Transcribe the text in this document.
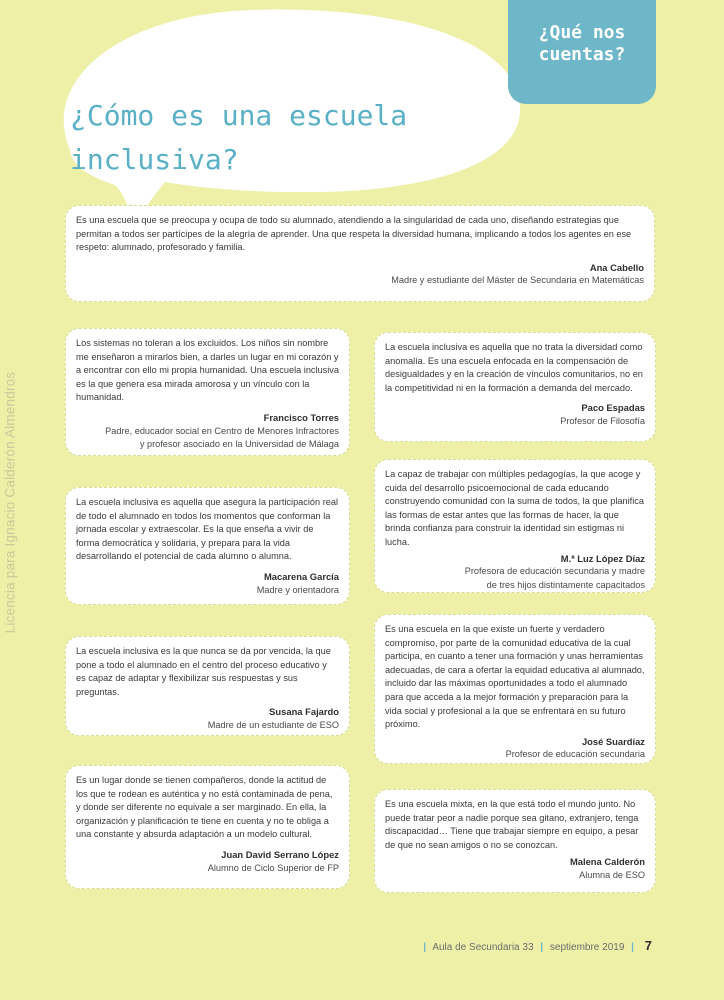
¿Qué nos
cuentas?
¿Cómo es una escuela
inclusiva?
Licencia para Ignacio Calderón Almendros

Es una escuela que se preocupa y ocupa de todo su alumnado, atendiendo a la singularidad de cada uno, diseñando estrategias que permitan a todos ser partícipes de la alegría de aprender. Una que respeta la diversidad humana, implicando a todos los agentes en ese respeto: alumnado, profesorado y familia.

Ana Cabello
Madre y estudiante del Máster de Secundaria en Matemáticas

Los sistemas no toleran a los excluidos. Los niños sin nombre me enseñaron a mirarlos bien, a darles un lugar en mi corazón y a encontrar con ello mi propia humanidad. Una escuela inclusiva es la que genera esa mirada amorosa y un vínculo con la humanidad.

Francisco Torres
Padre, educador social en Centro de Menores Infractores
y profesor asociado en la Universidad de Málaga

La escuela inclusiva es aquella que no trata la diversidad como anomalía. Es una escuela enfocada en la compensación de desigualdades y en la creación de vínculos comunitarios, no en la competitividad ni en la formación a demanda del mercado.

Paco Espadas
Profesor de Filosofía

La capaz de trabajar con múltiples pedagogías, la que acoge y cuida del desarrollo psicoemocional de cada educando construyendo comunidad con la suma de todos, la que planifica las formas de estar antes que las formas de hacer, la que brinda confianza para construir la identidad sin estigmas ni lucha.

M.ª Luz López Díaz
Profesora de educación secundaria y madre
de tres hijos distintamente capacitados

La escuela inclusiva es aquella que asegura la participación real de todo el alumnado en todos los momentos que conforman la jornada escolar y extraescolar. Es la que enseña a vivir de forma democrática y solidaria, y prepara para la vida desarrollando el potencial de cada alumno o alumna.

Macarena García
Madre y orientadora

Es una escuela en la que existe un fuerte y verdadero compromiso, por parte de la comunidad educativa de la cual participa, en cuanto a tener una formación y unas herramientas adecuadas, de cara a ofertar la equidad educativa al alumnado, incluido dar las máximas oportunidades a todo el alumnado para que acceda a la mejor formación y preparación para la vida social y profesional a la que se enfrentará en su futuro próximo.

José Suardíaz
Profesor de educación secundaria

La escuela inclusiva es la que nunca se da por vencida, la que pone a todo el alumnado en el centro del proceso educativo y es capaz de adaptar y flexibilizar sus respuestas y sus preguntas.

Susana Fajardo
Madre de un estudiante de ESO

Es un lugar donde se tienen compañeros, donde la actitud de los que te rodean es auténtica y no está contaminada de pena, y donde ser diferente no equivale a ser marginado. En ella, la organización y planificación te tiene en cuenta y no te obliga a una constante y absurda adaptación a un modelo cultural.

Juan David Serrano López
Alumno de Ciclo Superior de FP

Es una escuela mixta, en la que está todo el mundo junto. No puede tratar peor a nadie porque sea gitano, extranjero, tenga discapacidad… Tiene que trabajar siempre en equipo, a pesar de que no sean amigos o no se conozcan.

Malena Calderón
Alumna de ESO
| Aula de Secundaria 33 | septiembre 2019 | 7
